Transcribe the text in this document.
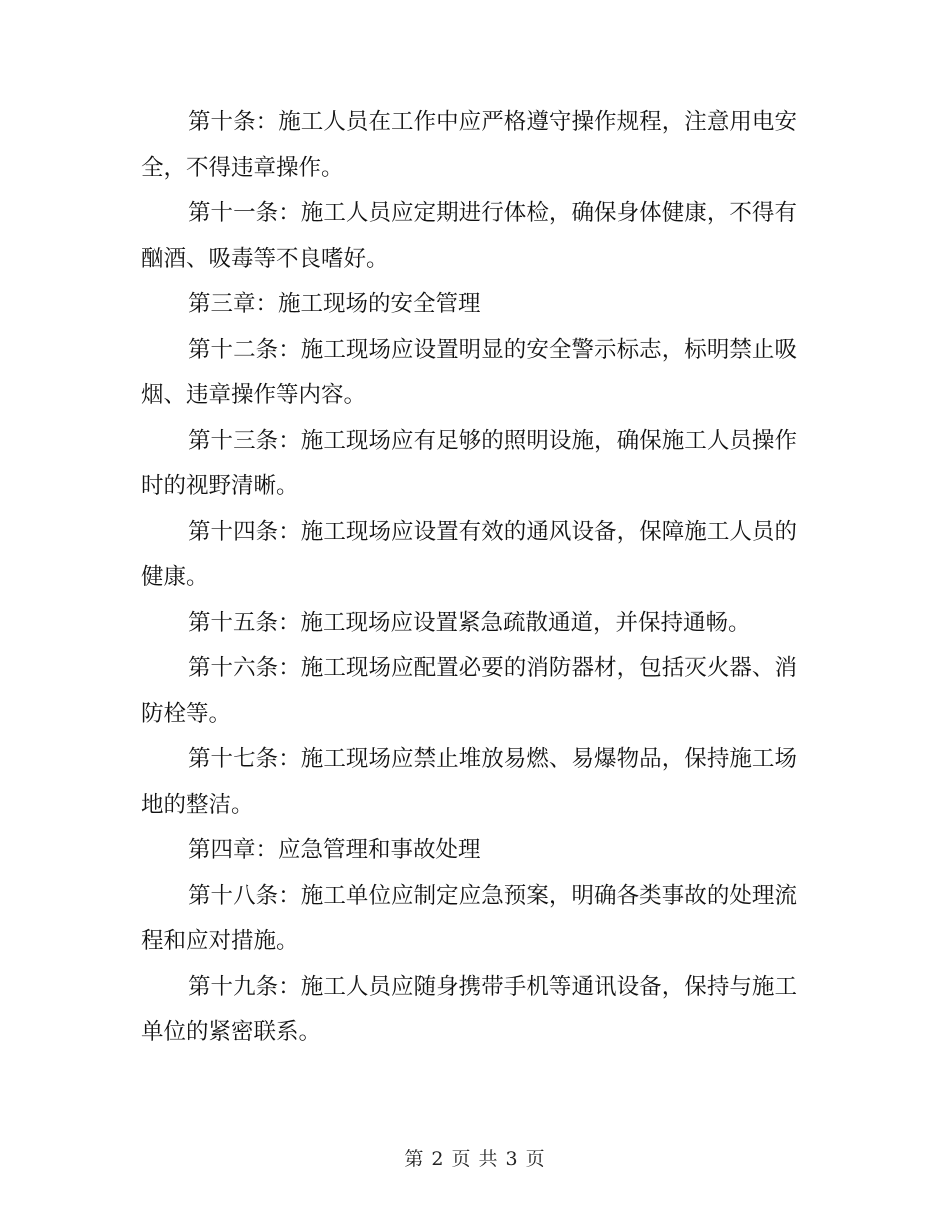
第十条：施工人员在工作中应严格遵守操作规程，注意用电安全，不得违章操作。

第十一条：施工人员应定期进行体检，确保身体健康，不得有酗酒、吸毒等不良嗜好。

第三章：施工现场的安全管理

第十二条：施工现场应设置明显的安全警示标志，标明禁止吸烟、违章操作等内容。

第十三条：施工现场应有足够的照明设施，确保施工人员操作时的视野清晰。

第十四条：施工现场应设置有效的通风设备，保障施工人员的健康。

第十五条：施工现场应设置紧急疏散通道，并保持通畅。

第十六条：施工现场应配置必要的消防器材，包括灭火器、消防栓等。

第十七条：施工现场应禁止堆放易燃、易爆物品，保持施工场地的整洁。

第四章：应急管理和事故处理

第十八条：施工单位应制定应急预案，明确各类事故的处理流程和应对措施。

第十九条：施工人员应随身携带手机等通讯设备，保持与施工单位的紧密联系。

第 2 页 共 3 页
